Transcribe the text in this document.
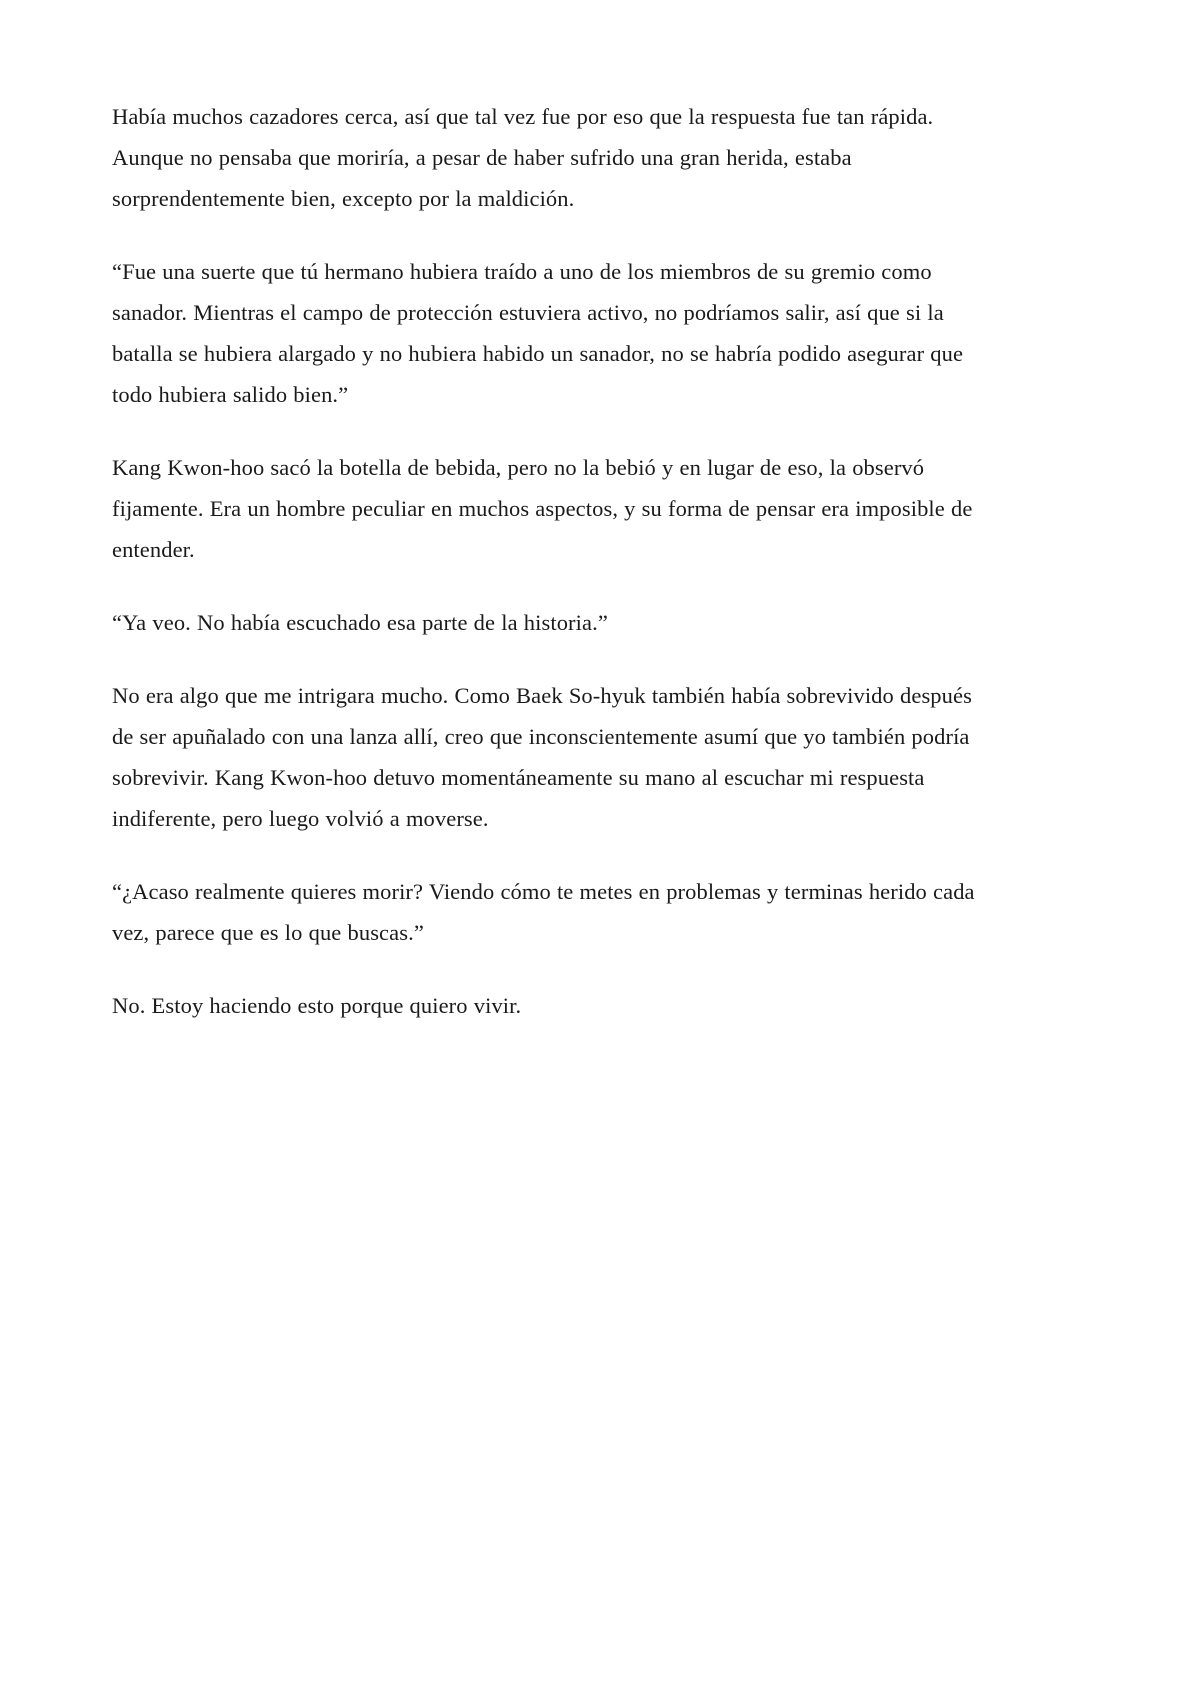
Había muchos cazadores cerca, así que tal vez fue por eso que la respuesta fue tan rápida. Aunque no pensaba que moriría, a pesar de haber sufrido una gran herida, estaba sorprendentemente bien, excepto por la maldición.

“Fue una suerte que tú hermano hubiera traído a uno de los miembros de su gremio como sanador. Mientras el campo de protección estuviera activo, no podríamos salir, así que si la batalla se hubiera alargado y no hubiera habido un sanador, no se habría podido asegurar que todo hubiera salido bien.”

Kang Kwon-hoo sacó la botella de bebida, pero no la bebió y en lugar de eso, la observó fijamente. Era un hombre peculiar en muchos aspectos, y su forma de pensar era imposible de entender.

“Ya veo. No había escuchado esa parte de la historia.”

No era algo que me intrigara mucho. Como Baek So-hyuk también había sobrevivido después de ser apuñalado con una lanza allí, creo que inconscientemente asumí que yo también podría sobrevivir. Kang Kwon-hoo detuvo momentáneamente su mano al escuchar mi respuesta indiferente, pero luego volvió a moverse.

“¿Acaso realmente quieres morir? Viendo cómo te metes en problemas y terminas herido cada vez, parece que es lo que buscas.”

No. Estoy haciendo esto porque quiero vivir.
